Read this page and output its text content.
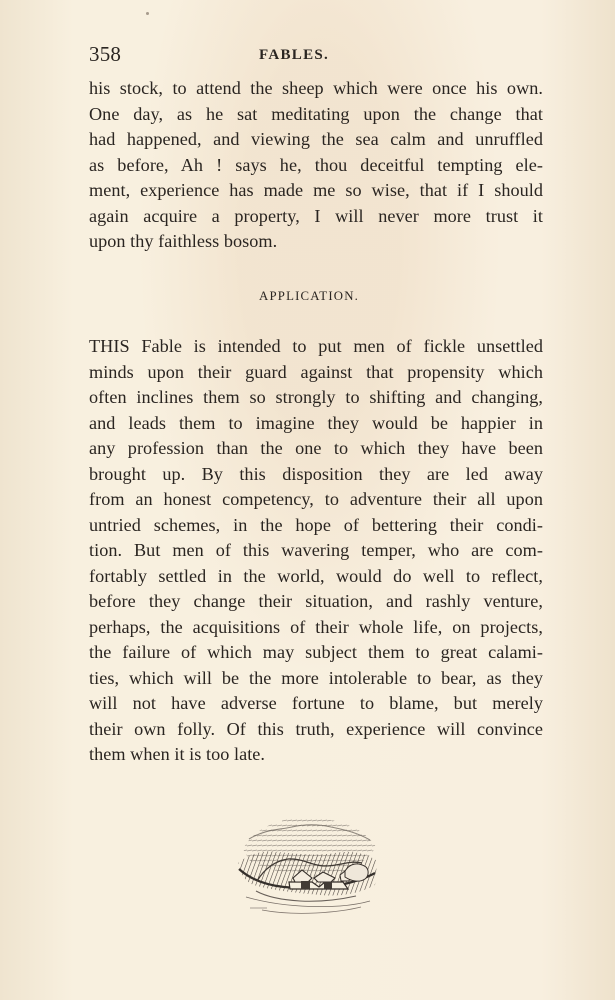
358	FABLES.
his stock, to attend the sheep which were once his own.
One day, as he sat meditating upon the change that
had happened, and viewing the sea calm and unruffled
as before, Ah ! says he, thou deceitful tempting ele-
ment, experience has made me so wise, that if I should
again acquire a property, I will never more trust it
upon thy faithless bosom.
APPLICATION.
THIS Fable is intended to put men of fickle unsettled
minds upon their guard against that propensity which
often inclines them so strongly to shifting and changing,
and leads them to imagine they would be happier in
any profession than the one to which they have been
brought up. By this disposition they are led away
from an honest competency, to adventure their all upon
untried schemes, in the hope of bettering their condi-
tion. But men of this wavering temper, who are com-
fortably settled in the world, would do well to reflect,
before they change their situation, and rashly venture,
perhaps, the acquisitions of their whole life, on projects,
the failure of which may subject them to great calami-
ties, which will be the more intolerable to bear, as they
will not have adverse fortune to blame, but merely
their own folly. Of this truth, experience will convince
them when it is too late.
